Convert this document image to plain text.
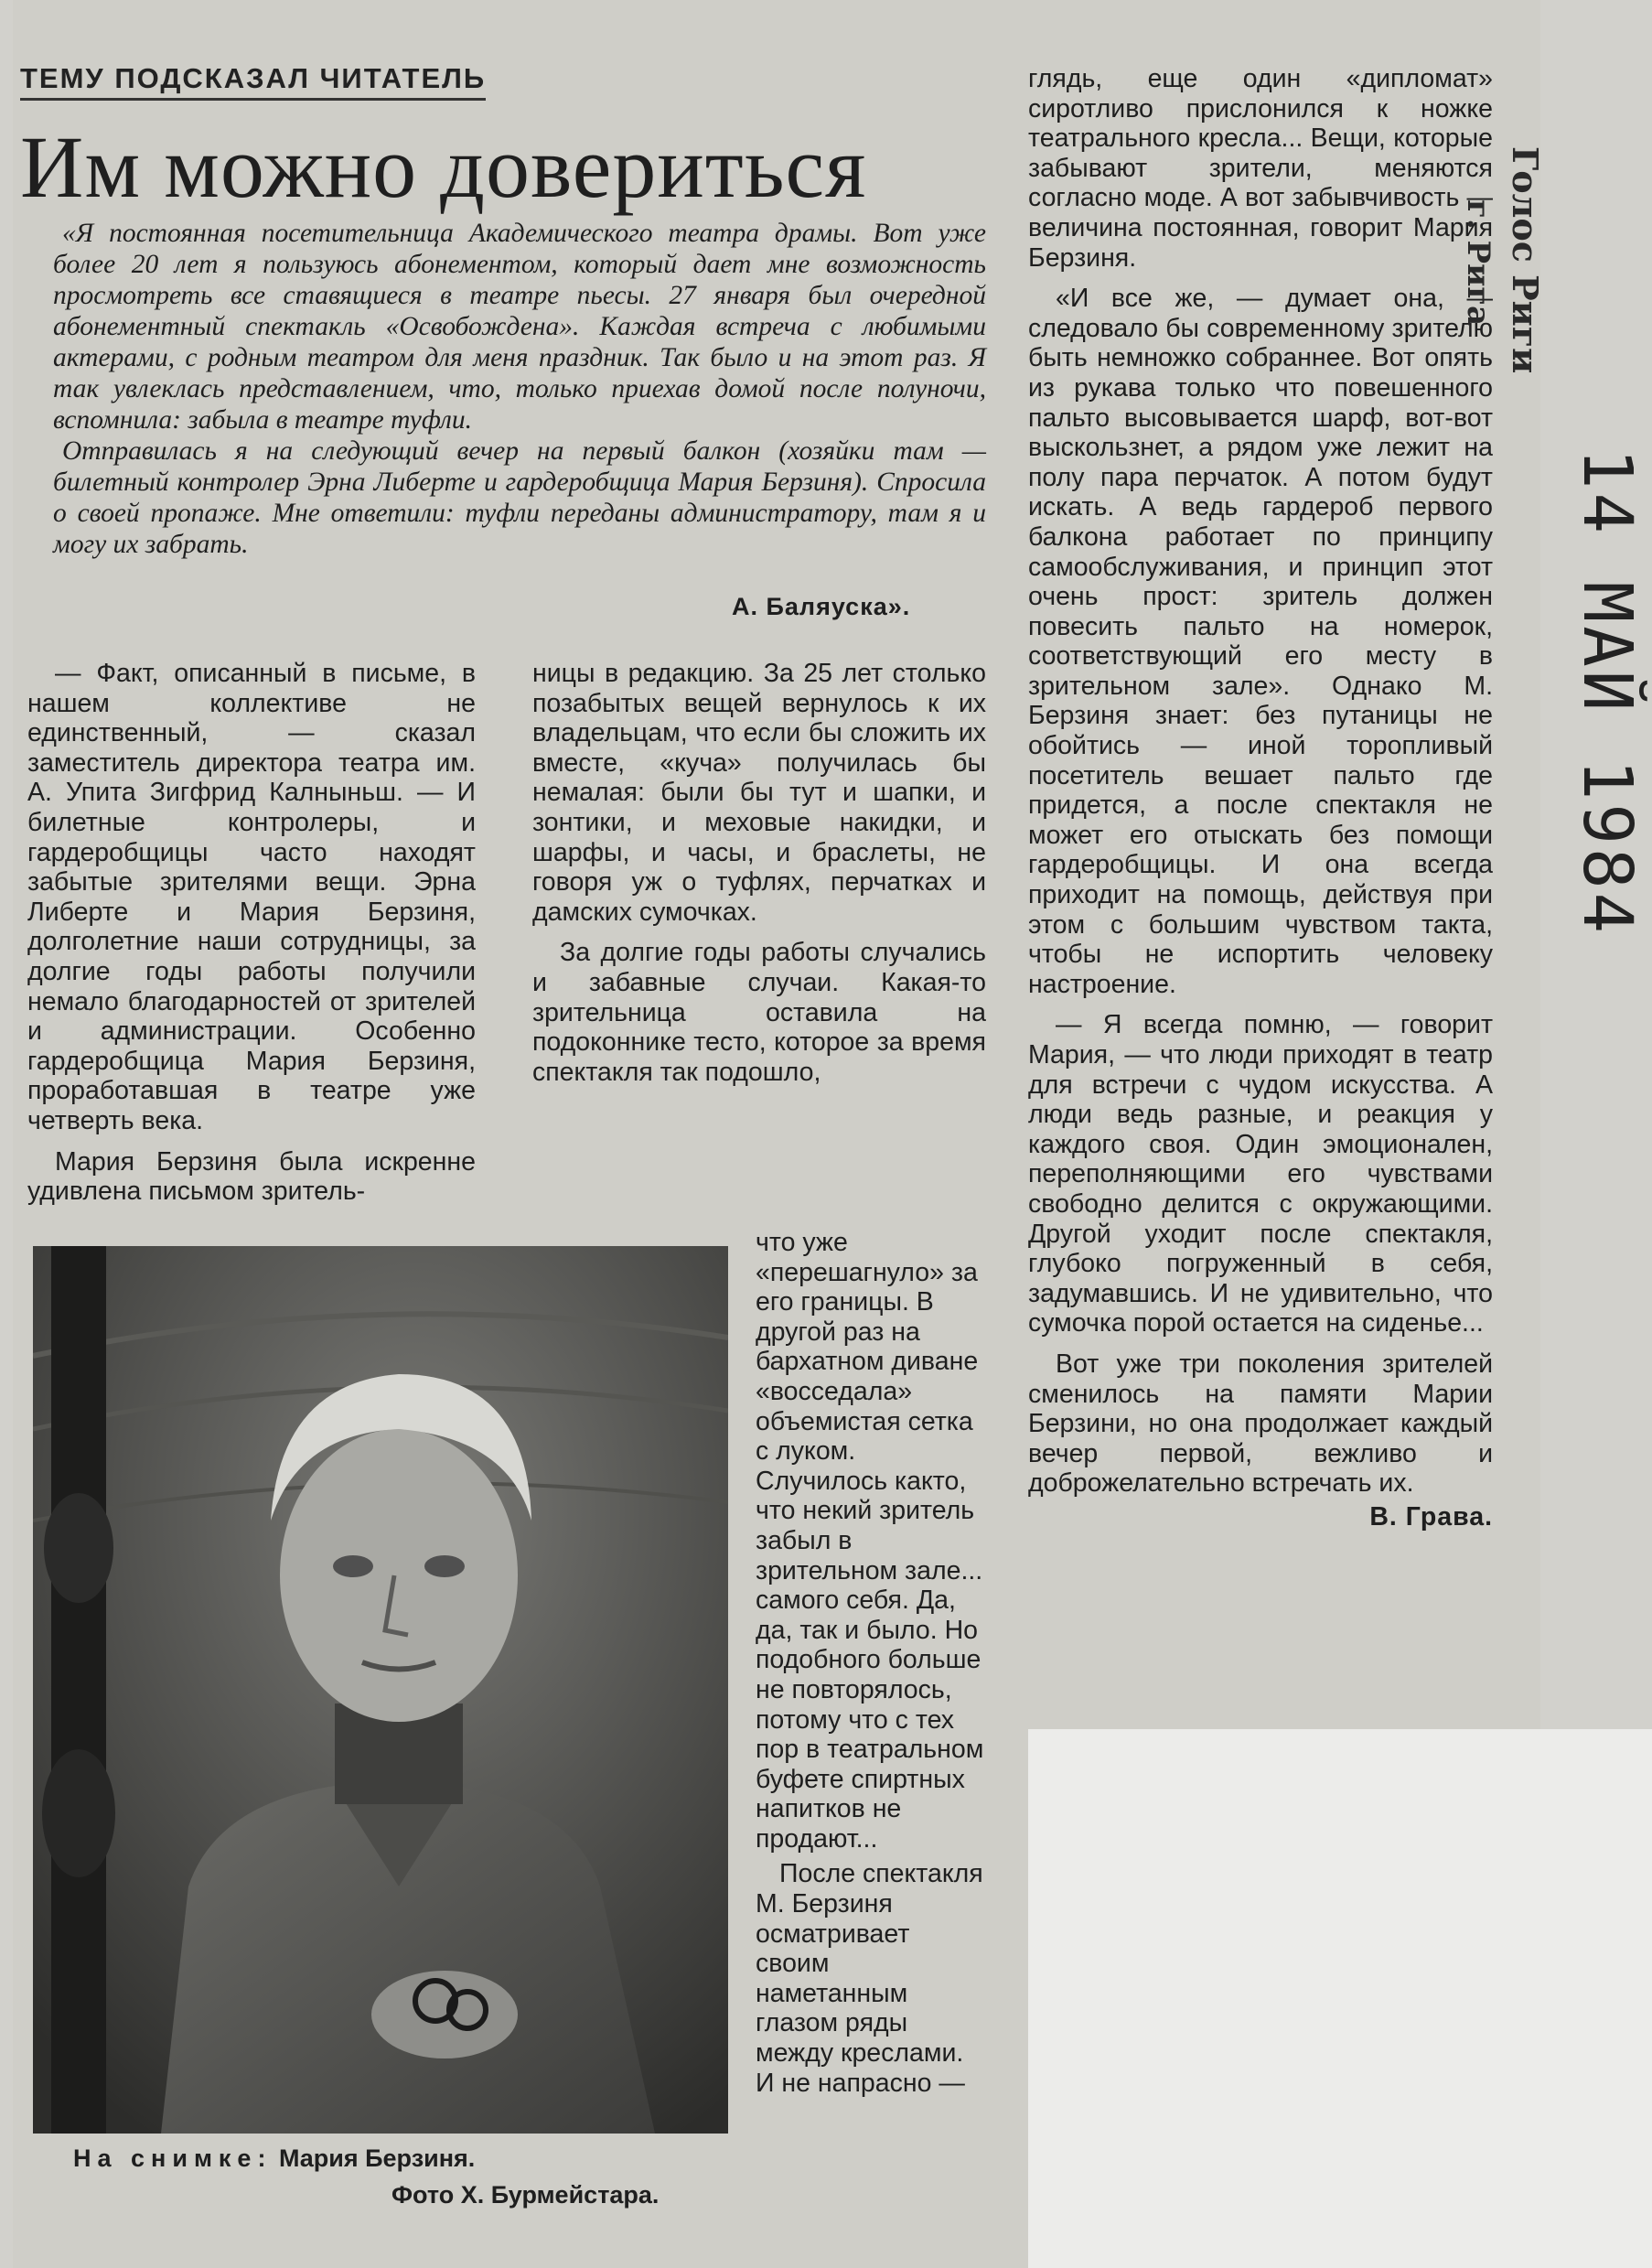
ТЕМУ ПОДСКАЗАЛ ЧИТАТЕЛЬ
Им можно довериться

«Я постоянная посетительница Академического театра драмы. Вот уже более 20 лет я пользуюсь абонементом, который дает мне возможность просмотреть все ставящиеся в театре пьесы. 27 января был очередной абонементный спектакль «Освобождена». Каждая встреча с любимыми актерами, с родным театром для меня праздник. Так было и на этот раз. Я так увлеклась представлением, что, только приехав домой после полуночи, вспомнила: забыла в театре туфли.

Отправилась я на следующий вечер на первый балкон (хозяйки там — билетный контролер Эрна Либерте и гардеробщица Мария Берзиня). Спросила о своей пропаже. Мне ответили: туфли переданы администратору, там я и могу их забрать.

А. Баляуска».

— Факт, описанный в письме, в нашем коллективе не единственный, — сказал заместитель директора театра им. А. Упита Зигфрид Калныньш. — И билетные контролеры, и гардеробщицы часто находят забытые зрителями вещи. Эрна Либерте и Мария Берзиня, долголетние наши сотрудницы, за долгие годы работы получили немало благодарностей от зрителей и администрации. Особенно гардеробщица Мария Берзиня, проработавшая в театре уже четверть века.

Мария Берзиня была искренне удивлена письмом зритель-

ницы в редакцию. За 25 лет столько позабытых вещей вернулось к их владельцам, что если бы сложить их вместе, «куча» получилась бы немалая: были бы тут и шапки, и зонтики, и меховые накидки, и шарфы, и часы, и браслеты, не говоря уж о туфлях, перчатках и дамских сумочках.

За долгие годы работы случались и забавные случаи. Какая-то зрительница оставила на подоконнике тесто, которое за время спектакля так подошло,

что уже «перешагнуло» за его границы. В другой раз на бархатном диване «восседала» объемистая сетка с луком. Случилось както, что некий зритель забыл в зрительном зале... самого себя. Да, да, так и было. Но подобного больше не повторялось, потому что с тех пор в театральном буфете спиртных напитков не продают...

После спектакля М. Берзиня осматривает своим наметанным глазом ряды между креслами. И не напрасно —

глядь, еще один «дипломат» сиротливо прислонился к ножке театрального кресла... Вещи, которые забывают зрители, меняются согласно моде. А вот забывчивость — величина постоянная, говорит Мария Берзиня.

«И все же, — думает она, — следовало бы современному зрителю быть немножко собраннее. Вот опять из рукава только что повешенного пальто высовывается шарф, вот-вот выскользнет, а рядом уже лежит на полу пара перчаток. А потом будут искать. А ведь гардероб первого балкона работает по принципу самообслуживания, и принцип этот очень прост: зритель должен повесить пальто на номерок, соответствующий его месту в зрительном зале». Однако М. Берзиня знает: без путаницы не обойтись — иной торопливый посетитель вешает пальто где придется, а после спектакля не может его отыскать без помощи гардеробщицы. И она всегда приходит на помощь, действуя при этом с большим чувством такта, чтобы не испортить человеку настроение.

— Я всегда помню, — говорит Мария, — что люди приходят в театр для встречи с чудом искусства. А люди ведь разные, и реакция у каждого своя. Один эмоционален, переполняющими его чувствами свободно делится с окружающими. Другой уходит после спектакля, глубоко погруженный в себя, задумавшись. И не удивительно, что сумочка порой остается на сиденье...

Вот уже три поколения зрителей сменилось на памяти Марии Берзини, но она продолжает каждый вечер первой, вежливо и доброжелательно встречать их.

В. Грава.
На снимке: Мария Берзиня.
Фото Х. Бурмейстара.
Голос Риги
г. Рига
14 МАЙ 1984
